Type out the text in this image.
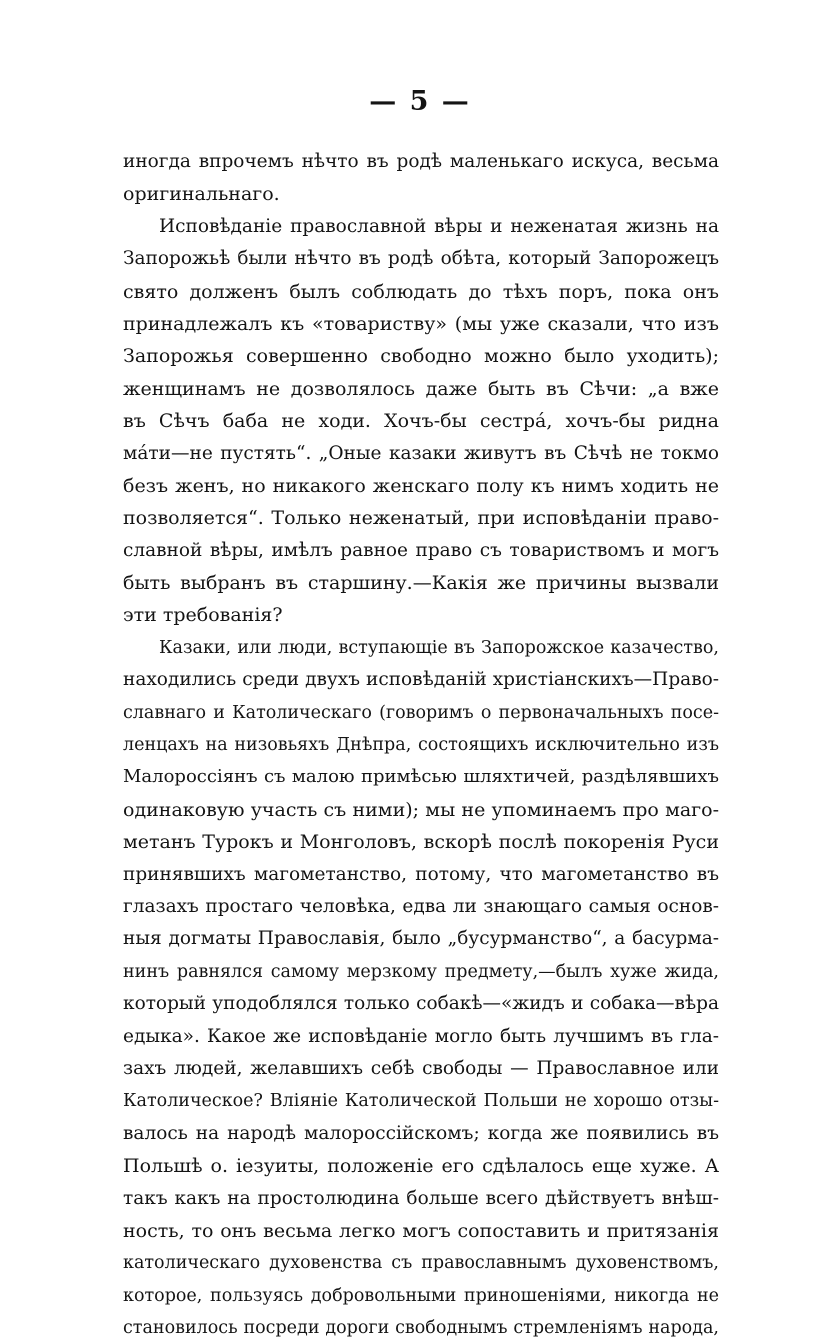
— 5 —
иногда впрочемъ нѣчто въ родѣ маленькаго искуса, весьма
оригинальнаго.
Исповѣданіе православной вѣры и неженатая жизнь на
Запорожьѣ были нѣчто въ родѣ обѣта, который Запорожецъ
свято долженъ былъ соблюдать до тѣхъ поръ, пока онъ
принадлежалъ къ «товариству» (мы уже сказали, что изъ
Запорожья совершенно свободно можно было уходить);
женщинамъ не дозволялось даже быть въ Сѣчи: „а вже
въ Сѣчъ баба не ходи. Хочъ-бы сестра́, хочъ-бы ридна
ма́ти—не пустять“. „Оные казаки живутъ въ Сѣчѣ не токмо
безъ женъ, но никакого женскаго полу къ нимъ ходить не
позволяется“. Только неженатый, при исповѣданіи право-
славной вѣры, имѣлъ равное право съ товариствомъ и могъ
быть выбранъ въ старшину.—Какія же причины вызвали
эти требованія?
Казаки, или люди, вступающіе въ Запорожское казачество,
находились среди двухъ исповѣданій христіанскихъ—Право-
славнаго и Католическаго (говоримъ о первоначальныхъ посе-
ленцахъ на низовьяхъ Днѣпра, состоящихъ исключительно изъ
Малороссіянъ съ малою примѣсью шляхтичей, раздѣлявшихъ
одинаковую участь съ ними); мы не упоминаемъ про маго-
метанъ Турокъ и Монголовъ, вскорѣ послѣ покоренія Руси
принявшихъ магометанство, потому, что магометанство въ
глазахъ простаго человѣка, едва ли знающаго самыя основ-
ныя догматы Православія, было „бусурманство“, а басурма-
нинъ равнялся самому мерзкому предмету,—былъ хуже жида,
который уподоблялся только собакѣ—«жидъ и собака—вѣра
едыка». Какое же исповѣданіе могло быть лучшимъ въ гла-
захъ людей, желавшихъ себѣ свободы — Православное или
Католическое? Вліяніе Католической Польши не хорошо отзы-
валось на народѣ малороссійскомъ; когда же появились въ
Польшѣ о. іезуиты, положеніе его сдѣлалось еще хуже. А
такъ какъ на простолюдина больше всего дѣйствуетъ внѣш-
ность, то онъ весьма легко могъ сопоставить и притязанія
католическаго духовенства съ православнымъ духовенствомъ,
которое, пользуясь добровольными приношеніями, никогда не
становилось посреди дороги свободнымъ стремленіямъ народа,
